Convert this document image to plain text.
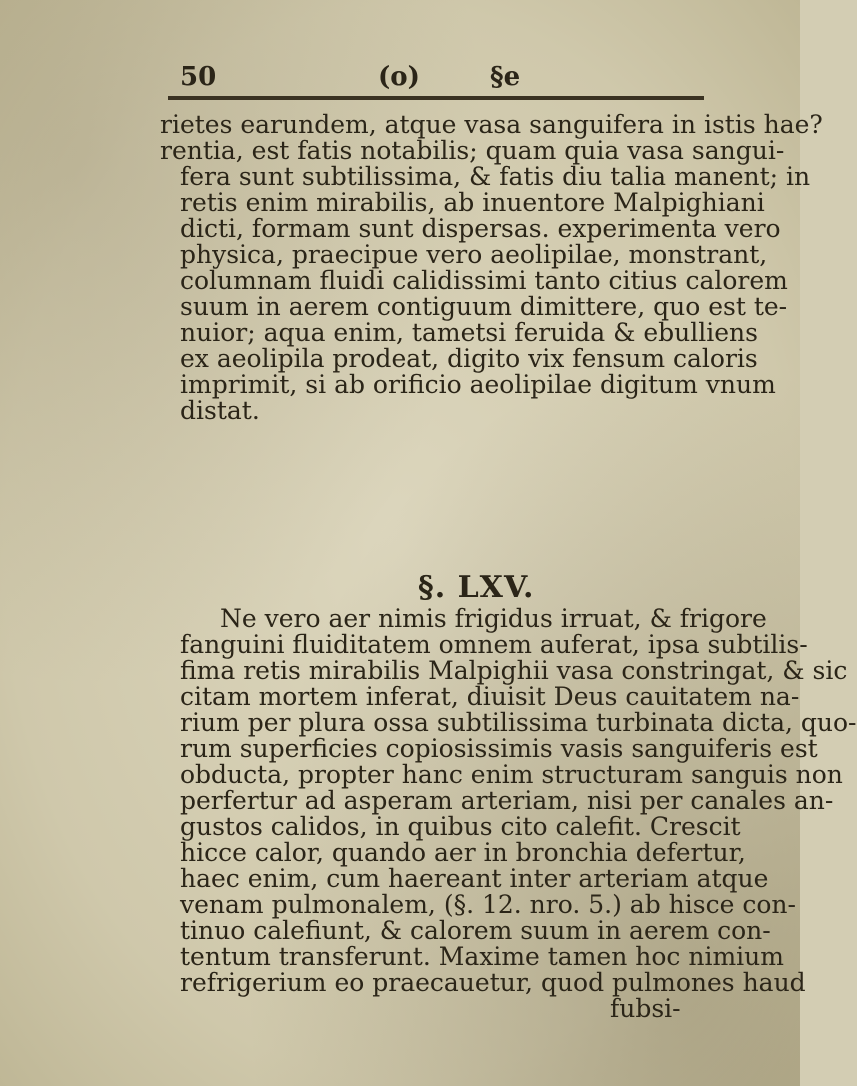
50	(o)	§e
rietes earundem, atque vasa sanguifera in istis hae?
rentia, est fatis notabilis; quam quia vasa sangui-
fera sunt subtilissima, & fatis diu talia manent; in
retis enim mirabilis, ab inuentore Malpighiani
dicti, formam sunt dispersas. experimenta vero
physica, praecipue vero aeolipilae, monstrant,
columnam fluidi calidissimi tanto citius calorem
suum in aerem contiguum dimittere, quo est te-
nuior; aqua enim, tametsi feruida & ebulliens
ex aeolipila prodeat, digito vix fensum caloris
imprimit, si ab orificio aeolipilae digitum vnum
distat.
§. LXV.
Ne vero aer nimis frigidus irruat, & frigore
fanguini fluiditatem omnem auferat, ipsa subtilis-
fima retis mirabilis Malpighii vasa constringat, & sic
citam mortem inferat, diuisit Deus cauitatem na-
rium per plura ossa subtilissima turbinata dicta, quo-
rum superficies copiosissimis vasis sanguiferis est
obducta, propter hanc enim structuram sanguis non
perfertur ad asperam arteriam, nisi per canales an-
gustos calidos, in quibus cito calefit. Crescit
hicce calor, quando aer in bronchia defertur,
haec enim, cum haereant inter arteriam atque
venam pulmonalem, (§. 12. nro. 5.) ab hisce con-
tinuo calefiunt, & calorem suum in aerem con-
tentum transferunt. Maxime tamen hoc nimium
refrigerium eo praecauetur, quod pulmones haud
fubsi-
